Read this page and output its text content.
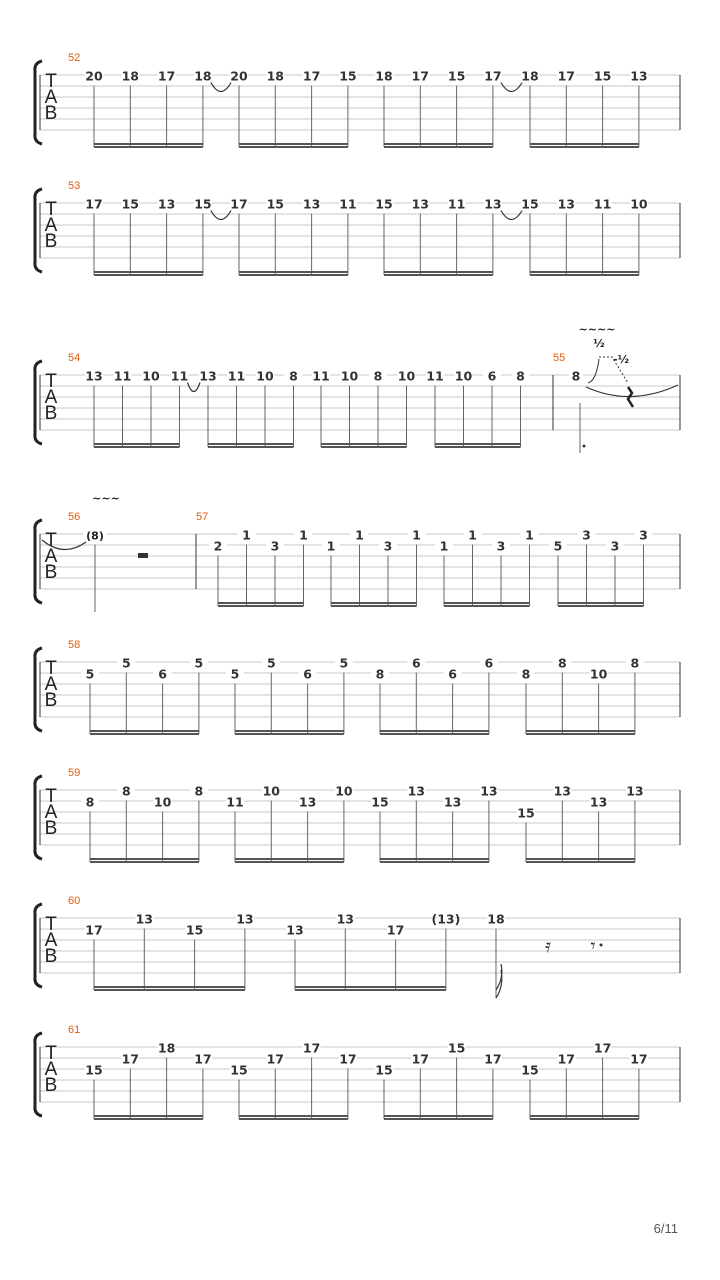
T
A
B
T
A
B
T
A
B
T
A
B
T
A
B
T
A
B
T
A
B
T
A
B
52
20 18 17 18 20 18 17 15 18 17 15 17 18 17 15 13
53
17 15 13 15 17 15 13 11 15 13 11 13 15 13 11 10
54
13 11 10 11 13 11 10 8 11 10 8 10 11 10 6 8
55
8
~~~~
½
-½
56
~~~
(8)
57
2
1
3
1
1
1
3
1
1
1
3
1
5
3
3
3
58
5
5
6
5
5
5
6
5
8
6
6
6
8
8
10
8
59
8
8
10
8
11
10
13
10
15
13
13
13
15
13
13
13
60
17
13
15
13
13
13
17
(13) 18
𝄿 𝄾
61
15
17
18
17
15
17
17
17
15
17
15
17
15
17
17
17
6/11
